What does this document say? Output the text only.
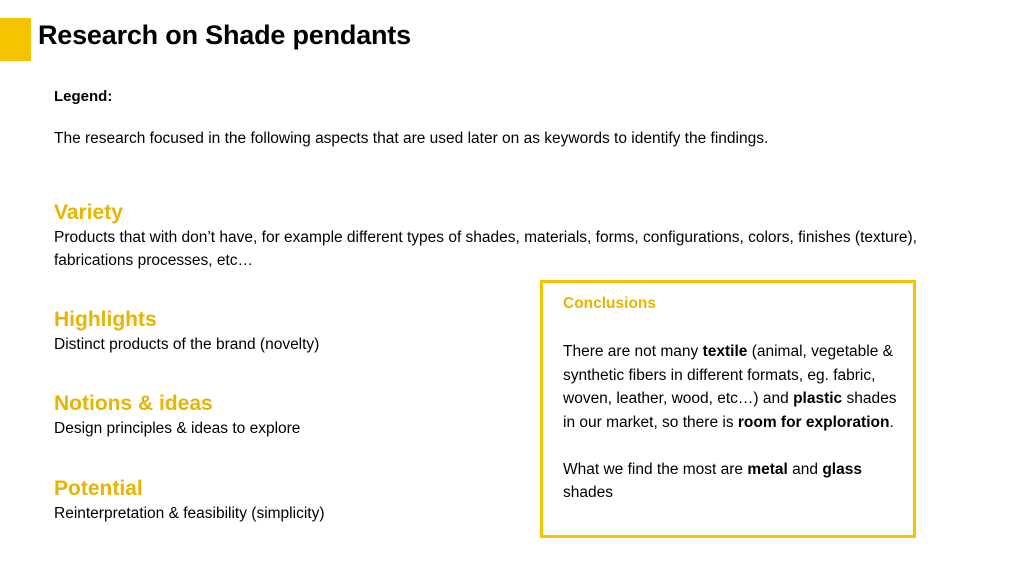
Research on Shade pendants
Legend:
The research focused in the following aspects that are used later on as keywords to identify the findings.
Variety
Products that with don’t have, for example different types of shades, materials, forms, configurations, colors, finishes (texture), fabrications processes, etc…
Highlights
Distinct products of the brand (novelty)
Notions & ideas
Design principles & ideas to explore
Potential
Reinterpretation & feasibility (simplicity)
Conclusions

There are not many textile (animal, vegetable & synthetic fibers in different formats, eg. fabric, woven, leather, wood, etc…) and plastic shades in our market, so there is room for exploration.

What we find the most are metal and glass shades
